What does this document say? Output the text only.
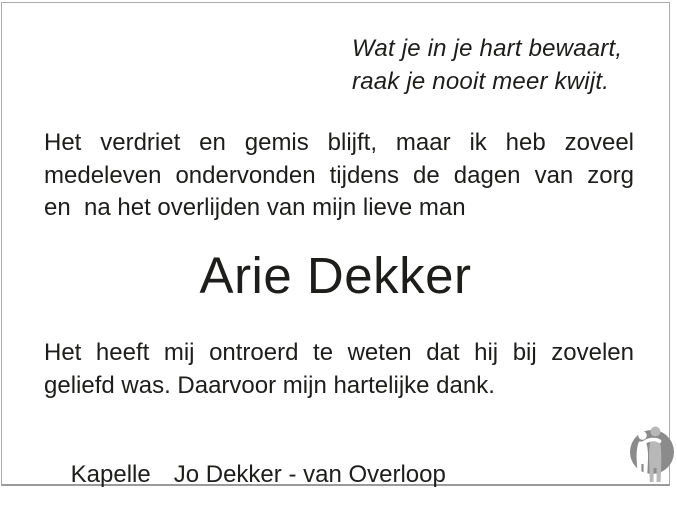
Wat je in je hart bewaart,
raak je nooit meer kwijt.
Het verdriet en gemis blijft, maar ik heb zoveel
medeleven ondervonden tijdens de dagen van zorg
en  na het overlijden van mijn lieve man
Arie Dekker
Het heeft mij ontroerd te weten dat hij bij zovelen
geliefd was. Daarvoor mijn hartelijke dank.

Kapelle Jo Dekker - van Overloop
